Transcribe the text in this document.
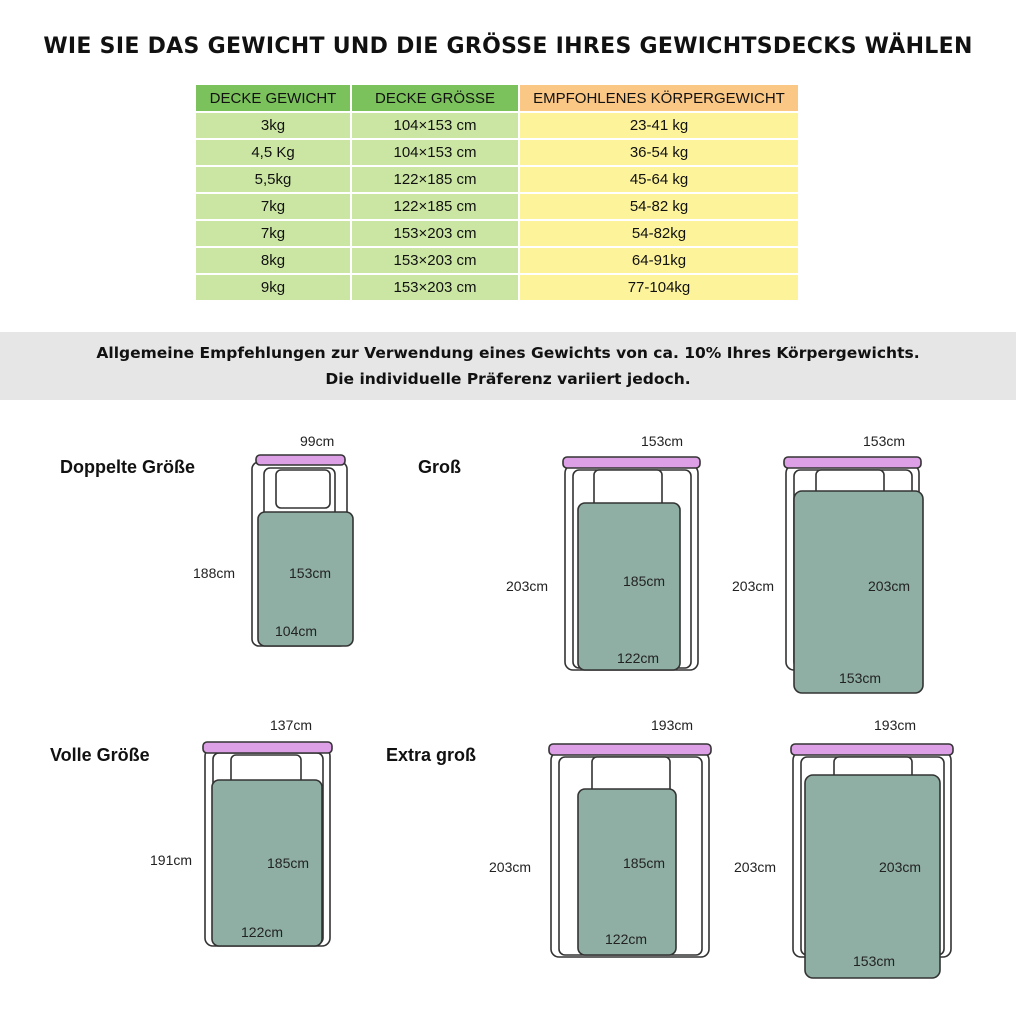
WIE SIE DAS GEWICHT UND DIE GRÖSSE IHRES GEWICHTSDECKS WÄHLEN
DECKE GEWICHT	DECKE GRÖSSE	EMPFOHLENES KÖRPERGEWICHT
3kg	104×153 cm	23-41 kg
4,5 Kg	104×153 cm	36-54 kg
5,5kg	122×185 cm	45-64 kg
7kg	122×185 cm	54-82 kg
7kg	153×203 cm	54-82kg
8kg	153×203 cm	64-91kg
9kg	153×203 cm	77-104kg
Allgemeine Empfehlungen zur Verwendung eines Gewichts von ca. 10% Ihres Körpergewichts.
Die individuelle Präferenz variiert jedoch.
Doppelte Größe	Groß
Volle Größe	Extra groß
99cm
188cm	153cm
104cm
153cm
203cm	185cm
122cm
153cm
203cm	203cm
153cm
137cm
191cm	185cm
122cm
193cm
203cm	185cm
122cm
193cm
203cm	203cm
153cm
